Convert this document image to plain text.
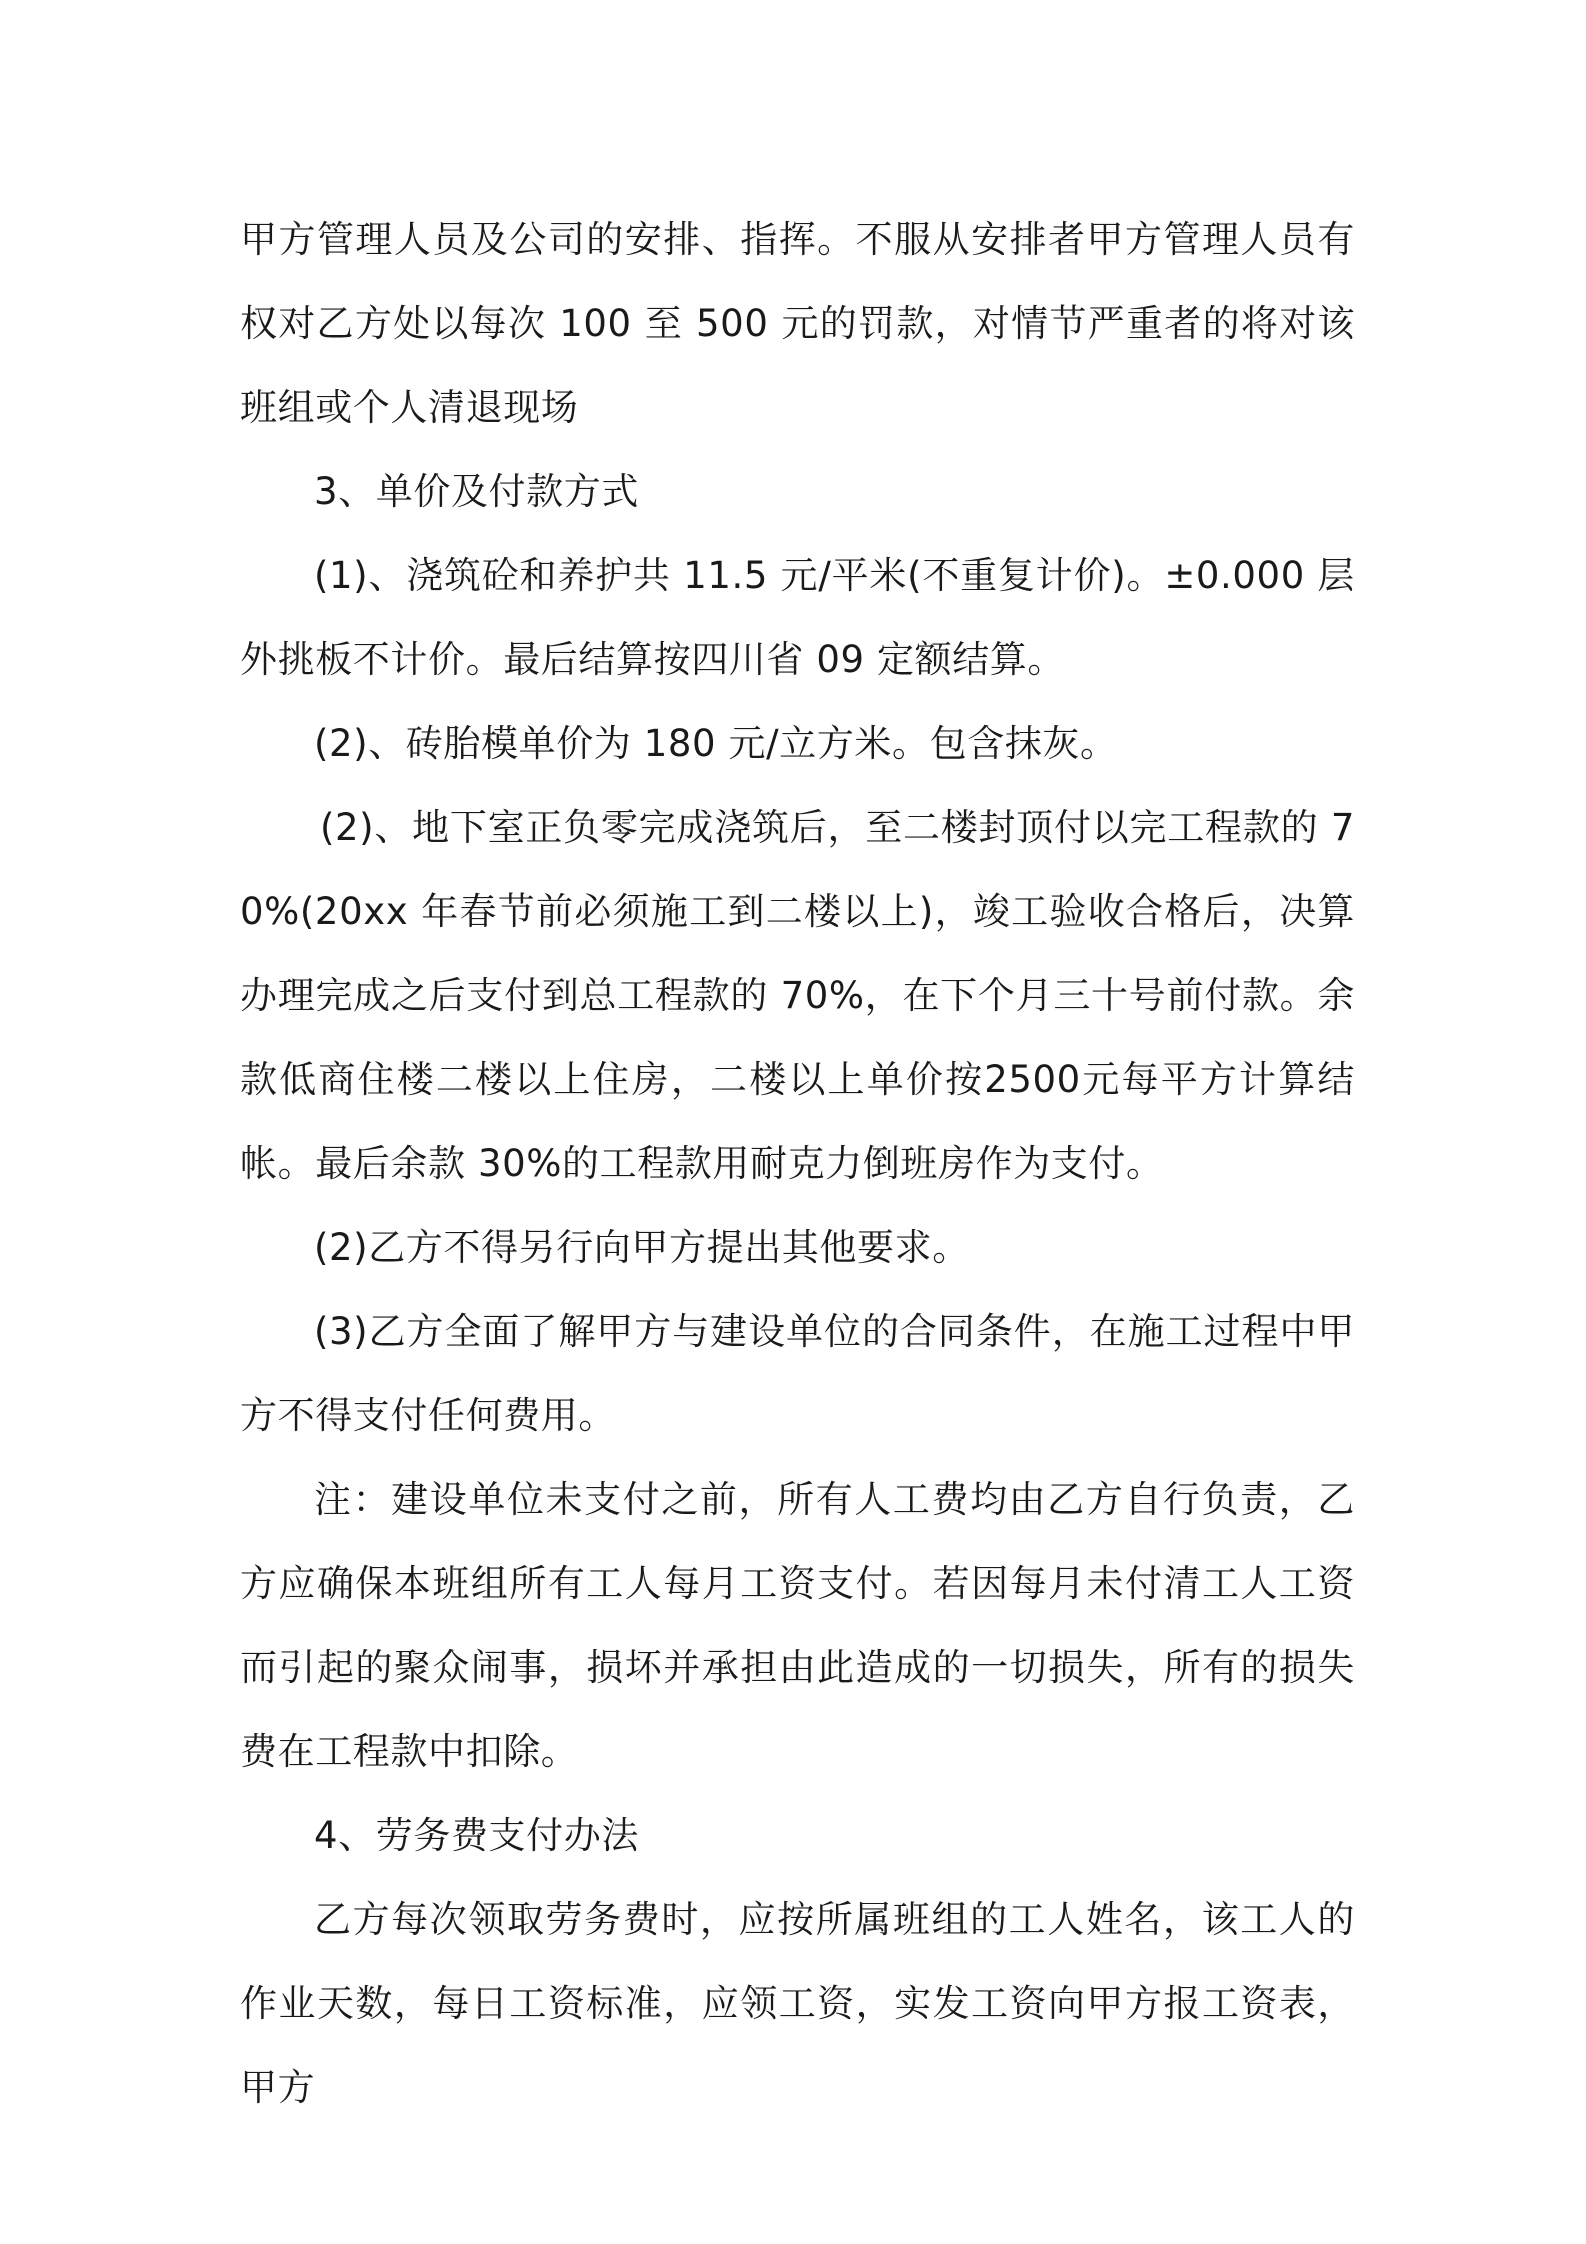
甲方管理人员及公司的安排、指挥。不服从安排者甲方管理人员有权对乙方处以每次 100 至 500 元的罚款，对情节严重者的将对该班组或个人清退现场

3、单价及付款方式

(1)、浇筑砼和养护共 11.5 元/平米(不重复计价)。±0.000 层外挑板不计价。最后结算按四川省 09 定额结算。

(2)、砖胎模单价为 180 元/立方米。包含抹灰。

(2)、地下室正负零完成浇筑后，至二楼封顶付以完工程款的 70%(20xx 年春节前必须施工到二楼以上)，竣工验收合格后，决算办理完成之后支付到总工程款的 70%，在下个月三十号前付款。余款低商住楼二楼以上住房，二楼以上单价按2500元每平方计算结帐。最后余款 30%的工程款用耐克力倒班房作为支付。

(2)乙方不得另行向甲方提出其他要求。

(3)乙方全面了解甲方与建设单位的合同条件，在施工过程中甲方不得支付任何费用。

注：建设单位未支付之前，所有人工费均由乙方自行负责，乙方应确保本班组所有工人每月工资支付。若因每月未付清工人工资而引起的聚众闹事，损坏并承担由此造成的一切损失，所有的损失费在工程款中扣除。

4、劳务费支付办法

乙方每次领取劳务费时，应按所属班组的工人姓名，该工人的作业天数，每日工资标准，应领工资，实发工资向甲方报工资表，甲方
